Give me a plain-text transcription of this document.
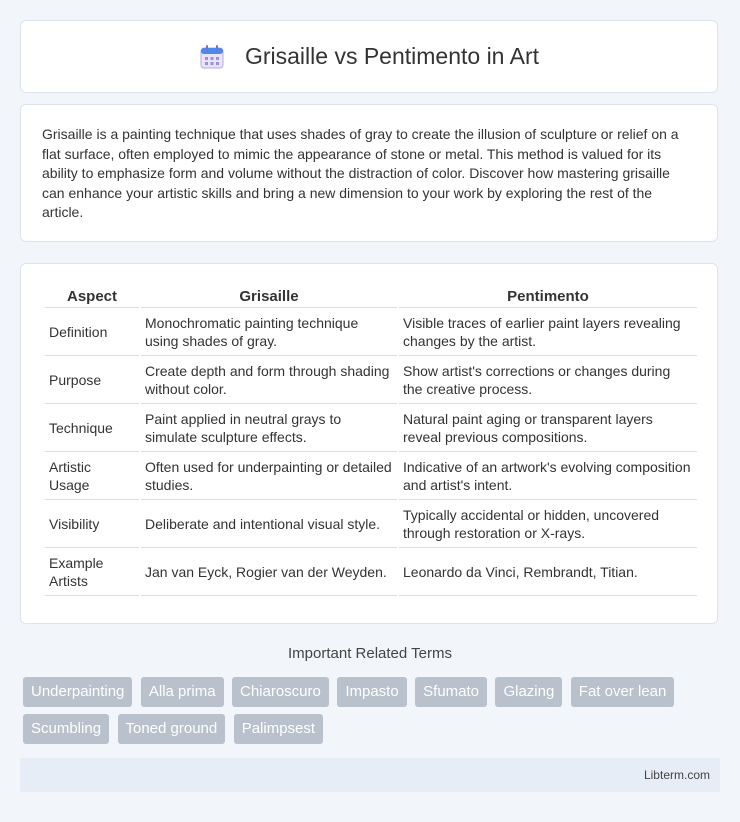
Grisaille vs Pentimento in Art

Grisaille is a painting technique that uses shades of gray to create the illusion of sculpture or relief on a flat surface, often employed to mimic the appearance of stone or metal. This method is valued for its ability to emphasize form and volume without the distraction of color. Discover how mastering grisaille can enhance your artistic skills and bring a new dimension to your work by exploring the rest of the article.

Aspect	Grisaille	Pentimento
Definition	Monochromatic painting technique using shades of gray.	Visible traces of earlier paint layers revealing changes by the artist.
Purpose	Create depth and form through shading without color.	Show artist's corrections or changes during the creative process.
Technique	Paint applied in neutral grays to simulate sculpture effects.	Natural paint aging or transparent layers reveal previous compositions.
Artistic Usage	Often used for underpainting or detailed studies.	Indicative of an artwork's evolving composition and artist's intent.
Visibility	Deliberate and intentional visual style.	Typically accidental or hidden, uncovered through restoration or X-rays.
Example Artists	Jan van Eyck, Rogier van der Weyden.	Leonardo da Vinci, Rembrandt, Titian.
Important Related Terms
Underpainting Alla prima Chiaroscuro Impasto Sfumato Glazing Fat over lean Scumbling Toned ground Palimpsest
Libterm.com
